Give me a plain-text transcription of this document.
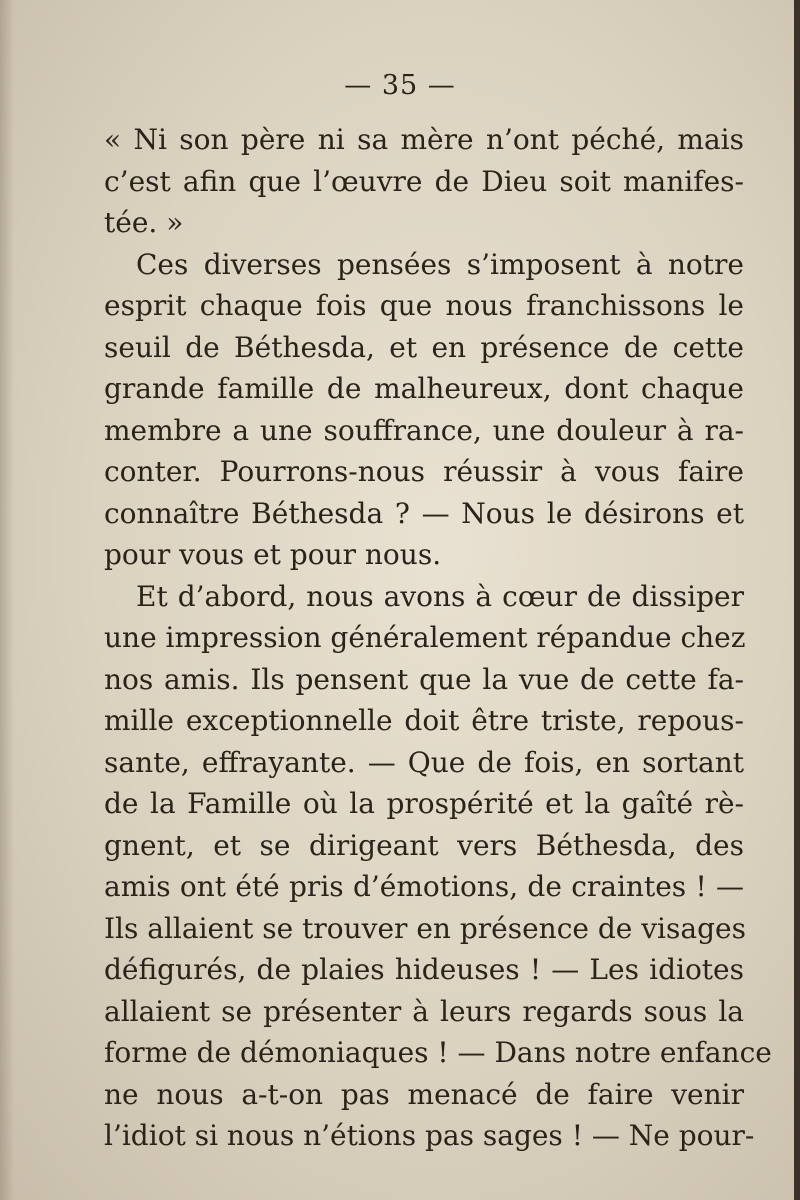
— 35 —
« Ni son père ni sa mère n’ont péché, mais
c’est afin que l’œuvre de Dieu soit manifes-
tée. »
Ces diverses pensées s’imposent à notre
esprit chaque fois que nous franchissons le
seuil de Béthesda, et en présence de cette
grande famille de malheureux, dont chaque
membre a une souffrance, une douleur à ra-
conter. Pourrons-nous réussir à vous faire
connaître Béthesda ? — Nous le désirons et
pour vous et pour nous.
Et d’abord, nous avons à cœur de dissiper
une impression généralement répandue chez
nos amis. Ils pensent que la vue de cette fa-
mille exceptionnelle doit être triste, repous-
sante, effrayante. — Que de fois, en sortant
de la Famille où la prospérité et la gaîté rè-
gnent, et se dirigeant vers Béthesda, des
amis ont été pris d’émotions, de craintes ! —
Ils allaient se trouver en présence de visages
défigurés, de plaies hideuses ! — Les idiotes
allaient se présenter à leurs regards sous la
forme de démoniaques ! — Dans notre enfance
ne nous a-t-on pas menacé de faire venir
l’idiot si nous n’étions pas sages ! — Ne pour-
